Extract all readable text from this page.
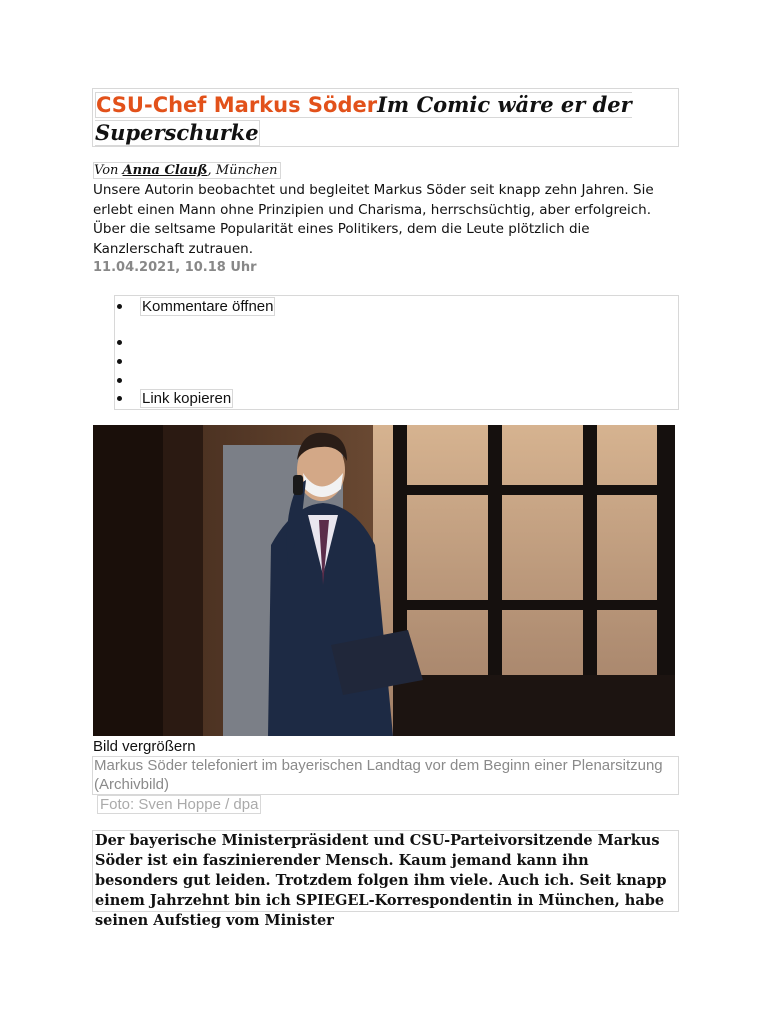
CSU-Chef Markus SöderIm Comic wäre er der Superschurke
Von Anna Clauß, München

Unsere Autorin beobachtet und begleitet Markus Söder seit knapp zehn Jahren. Sie erlebt einen Mann ohne Prinzipien und Charisma, herrschsüchtig, aber erfolgreich. Über die seltsame Popularität eines Politikers, dem die Leute plötzlich die Kanzlerschaft zutrauen.

11.04.2021, 10.18 Uhr
Kommentare öffnen
Link kopieren
Bild vergrößern

Markus Söder telefoniert im bayerischen Landtag vor dem Beginn einer Plenarsitzung (Archivbild)

Foto: Sven Hoppe / dpa

Der bayerische Ministerpräsident und CSU-Parteivorsitzende Markus Söder ist ein faszinierender Mensch. Kaum jemand kann ihn besonders gut leiden. Trotzdem folgen ihm viele. Auch ich. Seit knapp einem Jahrzehnt bin ich SPIEGEL-Korrespondentin in München, habe seinen Aufstieg vom Minister
